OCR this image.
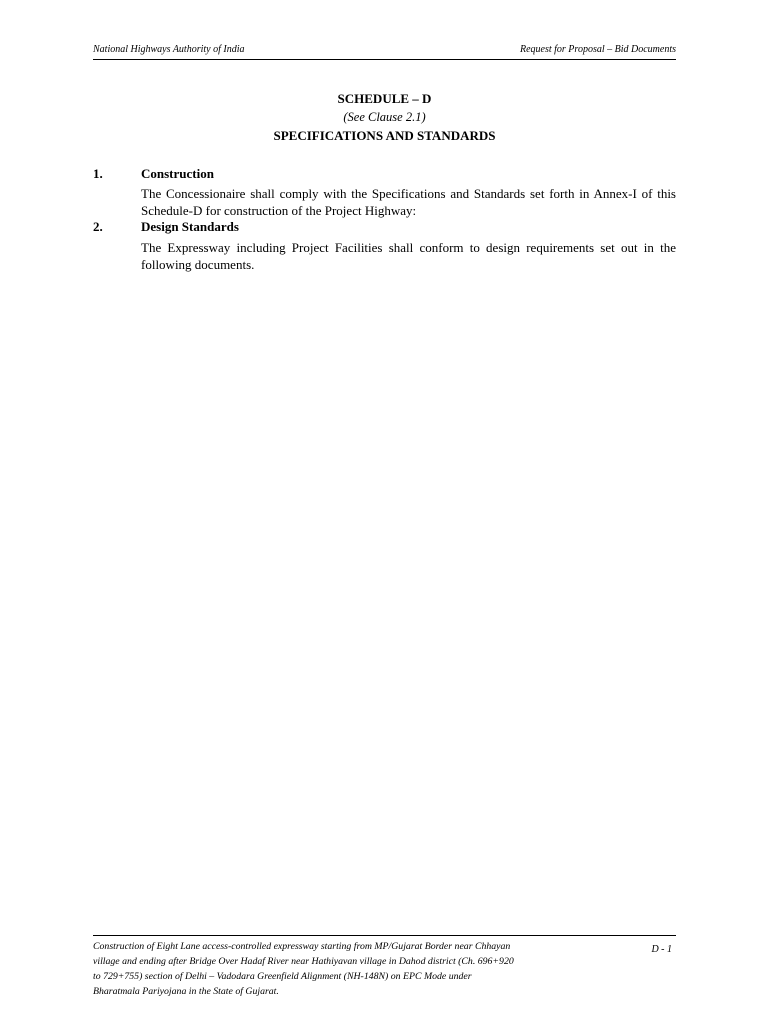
National Highways Authority of India	Request for Proposal – Bid Documents
SCHEDULE – D
(See Clause 2.1)
SPECIFICATIONS AND STANDARDS
1.	Construction
The Concessionaire shall comply with the Specifications and Standards set forth in Annex-I of this Schedule-D for construction of the Project Highway:
2.	Design Standards
The Expressway including Project Facilities shall conform to design requirements set out in the following documents.
Construction of Eight Lane access-controlled expressway starting from MP/Gujarat Border near Chhayan
village and ending after Bridge Over Hadaf River near Hathiyavan village in Dahod district (Ch. 696+920
to 729+755) section of Delhi – Vadodara Greenfield Alignment (NH-148N) on EPC Mode under
Bharatmala Pariyojana in the State of Gujarat.
D - 1
